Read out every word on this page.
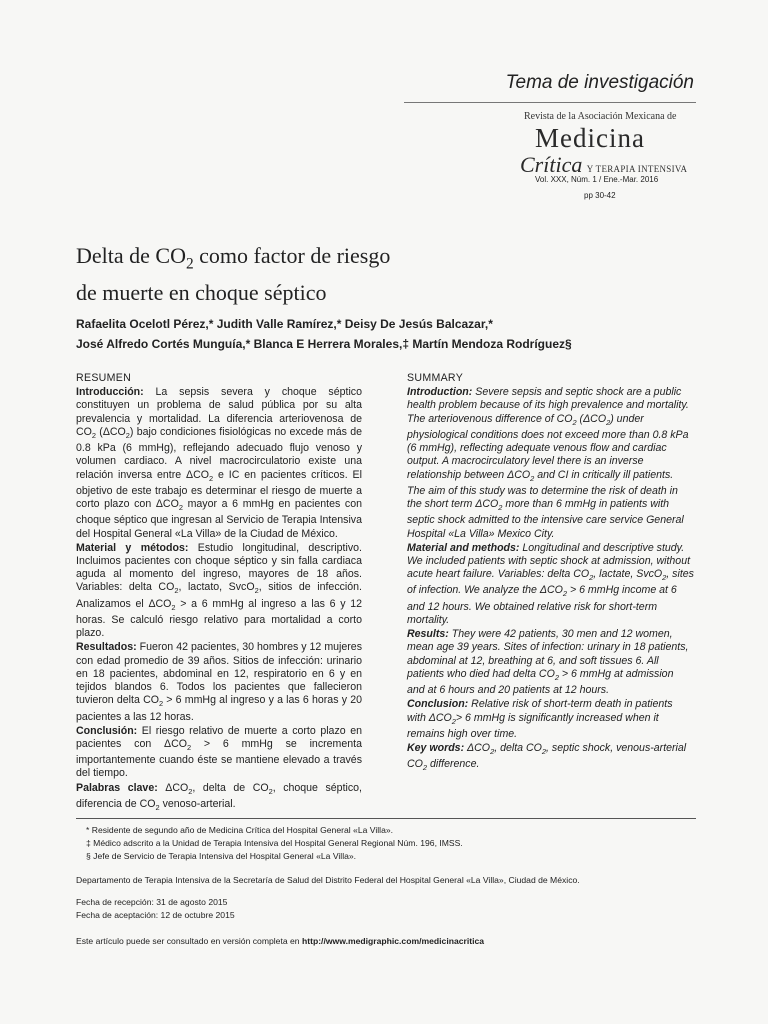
Tema de investigación
Revista de la Asociación Mexicana de
Medicina
Crítica Y TERAPIA INTENSIVA
Vol. XXX, Núm. 1 / Ene.-Mar. 2016
pp 30-42
Delta de $CO_2$ como factor de riesgo
de muerte en choque séptico
Rafaelita Ocelotl Pérez,* Judith Valle Ramírez,* Deisy De Jesús Balcazar,*
José Alfredo Cortés Munguía,* Blanca E Herrera Morales,‡ Martín Mendoza Rodríguez§
RESUMEN

Introducción: La sepsis severa y choque séptico constituyen un problema de salud pública por su alta prevalencia y mortalidad. La diferencia arteriovenosa de $CO_2$ $(\Delta CO_2)$ bajo condiciones fisiológicas no excede más de 0.8 kPa (6 mmHg), reflejando adecuado flujo venoso y volumen cardiaco. A nivel macrocirculatorio existe una relación inversa entre $\Delta CO_2$ e IC en pacientes críticos. El objetivo de este trabajo es determinar el riesgo de muerte a corto plazo con $\Delta CO_2$ mayor a 6 mmHg en pacientes con choque séptico que ingresan al Servicio de Terapia Intensiva del Hospital General «La Villa» de la Ciudad de México.

Material y métodos: Estudio longitudinal, descriptivo. Incluimos pacientes con choque séptico y sin falla cardiaca aguda al momento del ingreso, mayores de 18 años. Variables: delta $CO_2$, lactato, SvcO$_2$, sitios de infección. Analizamos el $\Delta CO_2 > a$ 6 mmHg al ingreso a las 6 y 12 horas. Se calculó riesgo relativo para mortalidad a corto plazo.

Resultados: Fueron 42 pacientes, 30 hombres y 12 mujeres con edad promedio de 39 años. Sitios de infección: urinario en 18 pacientes, abdominal en 12, respiratorio en 6 y en tejidos blandos 6. Todos los pacientes que fallecieron tuvieron delta $CO_2 > 6$ mmHg al ingreso y a las 6 horas y 20 pacientes a las 12 horas.

Conclusión: El riesgo relativo de muerte a corto plazo en pacientes con $\Delta CO_2 > 6$ mmHg se incrementa importantemente cuando éste se mantiene elevado a través del tiempo.

Palabras clave: $\Delta CO_2$, delta de $CO_2$, choque séptico, diferencia de $CO_2$ venoso-arterial.

SUMMARY

Introduction: Severe sepsis and septic shock are a public health problem because of its high prevalence and mortality. The arteriovenous difference of $CO_2$ $(\Delta CO_2)$ under physiological conditions does not exceed more than 0.8 kPa (6 mmHg), reflecting adequate venous flow and cardiac output. A macrocirculatory level there is an inverse relationship between $\Delta CO_2$ and CI in critically ill patients. The aim of this study was to determine the risk of death in the short term $\Delta CO_2$ more than 6 mmHg in patients with septic shock admitted to the intensive care service General Hospital «La Villa» Mexico City.

Material and methods: Longitudinal and descriptive study. We included patients with septic shock at admission, without acute heart failure. Variables: delta $CO_2$, lactate, SvcO$_2$, sites of infection. We analyze the $\Delta CO_2 > 6$ mmHg income at 6 and 12 hours. We obtained relative risk for short-term mortality.

Results: They were 42 patients, 30 men and 12 women, mean age 39 years. Sites of infection: urinary in 18 patients, abdominal at 12, breathing at 6, and soft tissues 6. All patients who died had delta $CO_2 > 6$ mmHg at admission and at 6 hours and 20 patients at 12 hours.

Conclusion: Relative risk of short-term death in patients with $\Delta CO_2> 6$ mmHg is significantly increased when it remains high over time.

Key words: $\Delta CO_2$, delta $CO_2$, septic shock, venous-arterial $CO_2$ difference.

* Residente de segundo año de Medicina Crítica del Hospital General «La Villa».
‡ Médico adscrito a la Unidad de Terapia Intensiva del Hospital General Regional Núm. 196, IMSS.
§ Jefe de Servicio de Terapia Intensiva del Hospital General «La Villa».
Departamento de Terapia Intensiva de la Secretaría de Salud del Distrito Federal del Hospital General «La Villa», Ciudad de México.
Fecha de recepción: 31 de agosto 2015
Fecha de aceptación: 12 de octubre 2015
Este artículo puede ser consultado en versión completa en http://www.medigraphic.com/medicinacritica
